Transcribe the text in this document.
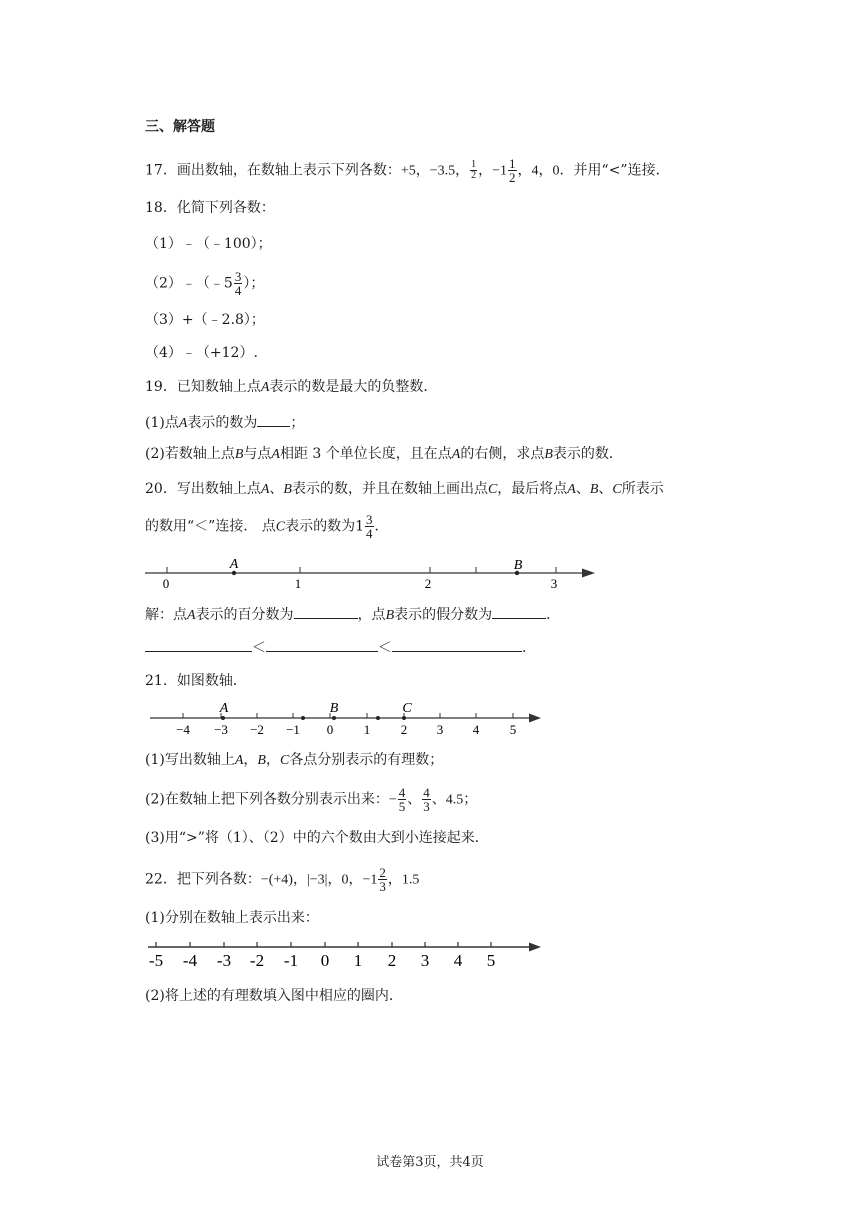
三、解答题
17．画出数轴，在数轴上表示下列各数：+5，−3.5， $\frac{1}{2}$ ，$-1 \frac{1}{2}$ ，4，0．并用“<”连接．
18．化简下列各数：
（1）﹣（﹣100）；
（2）﹣（﹣5 $\frac{3}{4}$ ）；
（3）+（﹣2.8）；
（4）﹣（+12）.
19．已知数轴上点A表示的数是最大的负整数．
(1)点A表示的数为 ；
(2)若数轴上点B与点A相距 3 个单位长度，且在点A的右侧，求点B表示的数．
20．写出数轴上点A、B表示的数，并且在数轴上画出点C，最后将点A、B、C所表示
的数用“＜”连接． 点C表示的数为$1 \frac{3}{4}$ ．
A	B
0	1	2	3
解：点A表示的百分数为	，点B表示的假分数为	．
＜	＜	.
21．如图数轴．
A	B	C
−4 −3 −2 −1 0 1 2 3 4 5
(1)写出数轴上A，B，C各点分别表示的有理数；
(2)在数轴上把下列各数分别表示出来：− $\frac{4}{5}$ 、 $\frac{4}{3}$ 、4.5；
(3)用“>”将（1）、（2）中的六个数由大到小连接起来．
22．把下列各数：−(+4)，|−3|，0，$-1 \frac{2}{3}$ ，1.5
(1)分别在数轴上表示出来：
-5 -4 -3 -2 -1 0 1 2 3 4 5
(2)将上述的有理数填入图中相应的圈内．
试卷第3页，共4页
